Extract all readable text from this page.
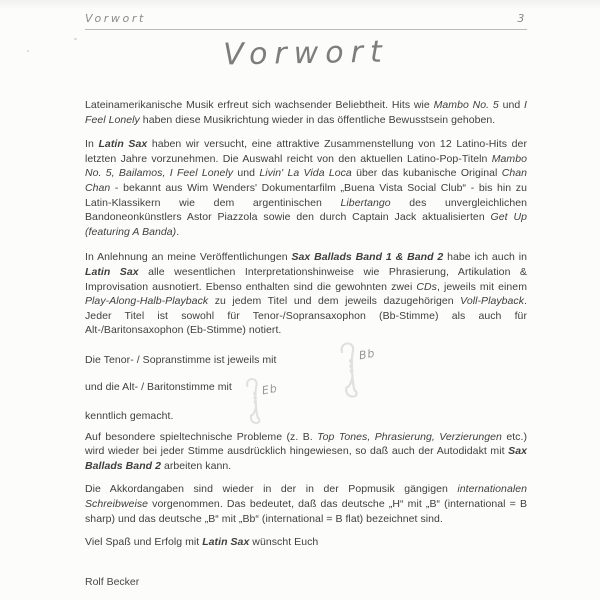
Vorwort	3
Vorwort

Lateinamerikanische Musik erfreut sich wachsender Beliebtheit. Hits wie Mambo No. 5 und I Feel Lonely haben diese Musikrichtung wieder in das öffentliche Bewusstsein gehoben.

In Latin Sax haben wir versucht, eine attraktive Zusammenstellung von 12 Latino-Hits der letzten Jahre vorzunehmen. Die Auswahl reicht von den aktuellen Latino-Pop-Titeln Mambo No. 5, Bailamos, I Feel Lonely und Livin' La Vida Loca über das kubanische Original Chan Chan - bekannt aus Wim Wenders' Dokumentarfilm „Buena Vista Social Club“ - bis hin zu Latin-Klassikern wie dem argentinischen Libertango des unvergleichlichen Bandoneonkünstlers Astor Piazzola sowie den durch Captain Jack aktualisierten Get Up (featuring A Banda).

In Anlehnung an meine Veröffentlichungen Sax Ballads Band 1 & Band 2 habe ich auch in Latin Sax alle wesentlichen Interpretationshinweise wie Phrasierung, Artikulation & Improvisation ausnotiert. Ebenso enthalten sind die gewohnten zwei CDs, jeweils mit einem Play-Along-Halb-Playback zu jedem Titel und dem jeweils dazugehörigen Voll-Playback. Jeder Titel ist sowohl für Tenor-/Sopransaxophon (Bb-Stimme) als auch für Alt-/Baritonsaxophon (Eb-Stimme) notiert.

Die Tenor- / Sopranstimme ist jeweils mit	Bb

und die Alt- / Baritonstimme mit	Eb

kenntlich gemacht.

Auf besondere spieltechnische Probleme (z. B. Top Tones, Phrasierung, Verzierungen etc.) wird wieder bei jeder Stimme ausdrücklich hingewiesen, so daß auch der Autodidakt mit Sax Ballads Band 2 arbeiten kann.

Die Akkordangaben sind wieder in der in der Popmusik gängigen internationalen Schreibweise vorgenommen. Das bedeutet, daß das deutsche „H“ mit „B“ (international = B sharp) und das deutsche „B“ mit „Bb“ (international = B flat) bezeichnet sind.

Viel Spaß und Erfolg mit Latin Sax wünscht Euch

Rolf Becker
